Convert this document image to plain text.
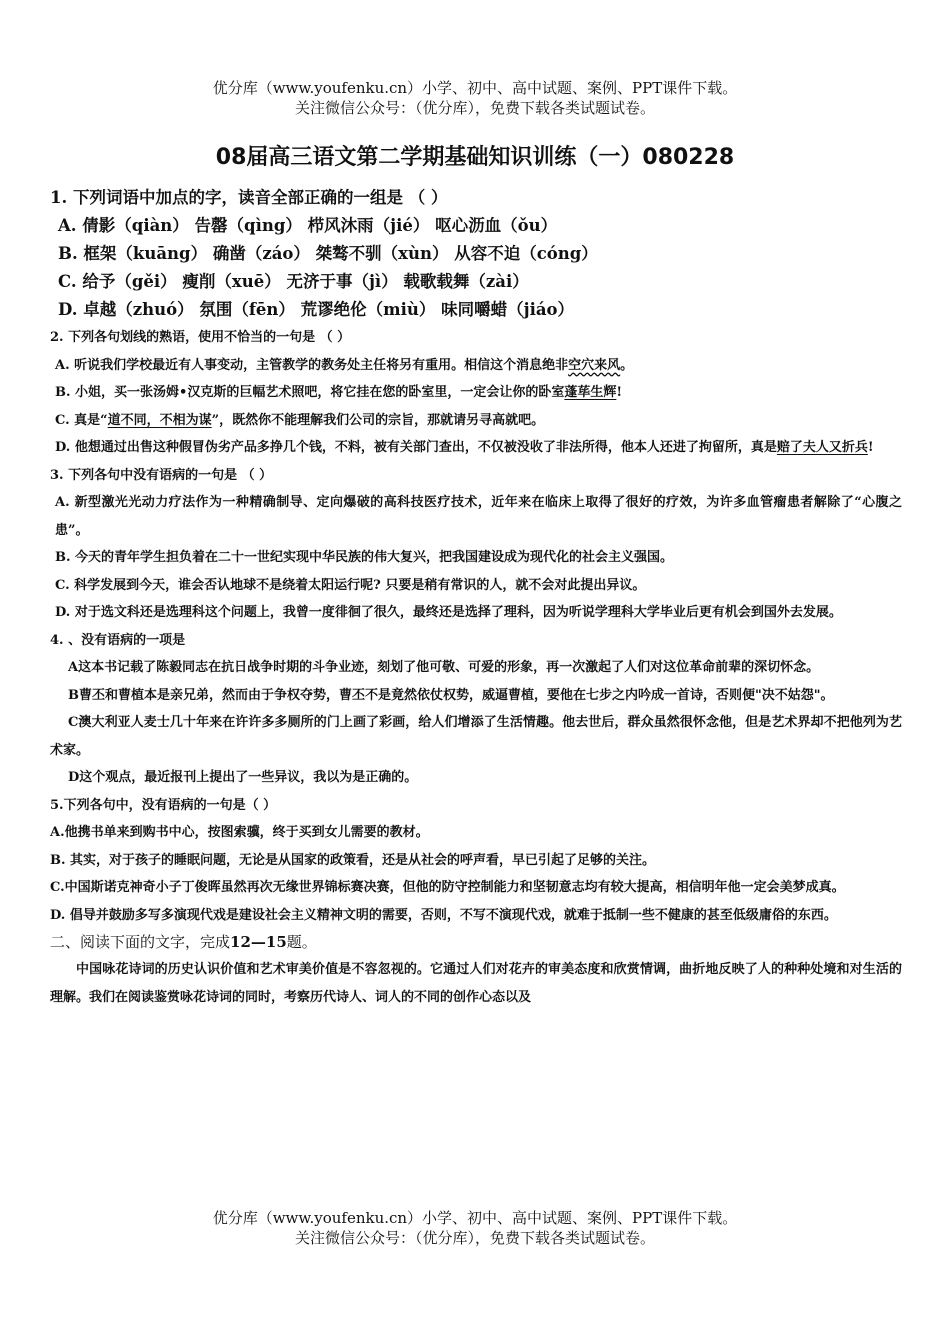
优分库（www.youfenku.cn）小学、初中、高中试题、案例、PPT课件下载。
关注微信公众号：（优分库），免费下载各类试题试卷。
08届高三语文第二学期基础知识训练（一）080228
1. 下列词语中加点的字，读音全部正确的一组是 （ ）
A. 倩影（qiàn） 告罄（qìng） 栉风沐雨（jié） 呕心沥血（ǒu）
B. 框架（kuāng） 确凿（záo） 桀骜不驯（xùn） 从容不迫（cóng）
C. 给予（gěi） 瘦削（xuē） 无济于事（jì） 载歌载舞（zài）
D. 卓越（zhuó） 氛围（fēn） 荒谬绝伦（miù） 味同嚼蜡（jiáo）
2. 下列各句划线的熟语，使用不恰当的一句是 （ ）
A. 听说我们学校最近有人事变动，主管教学的教务处主任将另有重用。相信这个消息绝非空穴来风。
B. 小姐，买一张汤姆•汉克斯的巨幅艺术照吧，将它挂在您的卧室里，一定会让你的卧室蓬荜生辉!
C. 真是“道不同，不相为谋”，既然你不能理解我们公司的宗旨，那就请另寻高就吧。
D. 他想通过出售这种假冒伪劣产品多挣几个钱，不料，被有关部门查出，不仅被没收了非法所得，他本人还进了拘留所，真是赔了夫人又折兵!
3. 下列各句中没有语病的一句是 （ ）
A. 新型激光光动力疗法作为一种精确制导、定向爆破的高科技医疗技术，近年来在临床上取得了很好的疗效，为许多血管瘤患者解除了“心腹之患”。
B. 今天的青年学生担负着在二十一世纪实现中华民族的伟大复兴，把我国建设成为现代化的社会主义强国。
C. 科学发展到今天，谁会否认地球不是绕着太阳运行呢? 只要是稍有常识的人，就不会对此提出异议。
D. 对于选文科还是选理科这个问题上，我曾一度徘徊了很久，最终还是选择了理科，因为听说学理科大学毕业后更有机会到国外去发展。
4. 、没有语病的一项是
A这本书记载了陈毅同志在抗日战争时期的斗争业迹，刻划了他可敬、可爱的形象，再一次激起了人们对这位革命前辈的深切怀念。
B曹丕和曹植本是亲兄弟，然而由于争权夺势，曹丕不是竟然依仗权势，威逼曹植，要他在七步之内吟成一首诗，否则便"决不姑怨"。
C澳大利亚人麦士几十年来在许许多多厕所的门上画了彩画，给人们增添了生活情趣。他去世后，群众虽然很怀念他，但是艺术界却不把他列为艺术家。
D这个观点，最近报刊上提出了一些异议，我以为是正确的。
5.下列各句中，没有语病的一句是（ ）
A.他携书单来到购书中心，按图索骥，终于买到女儿需要的教材。
B. 其实，对于孩子的睡眠问题，无论是从国家的政策看，还是从社会的呼声看，早已引起了足够的关注。
C.中国斯诺克神奇小子丁俊晖虽然再次无缘世界锦标赛决赛，但他的防守控制能力和坚韧意志均有较大提高，相信明年他一定会美梦成真。
D. 倡导并鼓励多写多演现代戏是建设社会主义精神文明的需要，否则，不写不演现代戏，就难于抵制一些不健康的甚至低级庸俗的东西。
二、阅读下面的文字，完成12—15题。
中国咏花诗词的历史认识价值和艺术审美价值是不容忽视的。它通过人们对花卉的审美态度和欣赏情调，曲折地反映了人的种种处境和对生活的理解。我们在阅读鉴赏咏花诗词的同时，考察历代诗人、词人的不同的创作心态以及
优分库（www.youfenku.cn）小学、初中、高中试题、案例、PPT课件下载。
关注微信公众号：（优分库），免费下载各类试题试卷。
